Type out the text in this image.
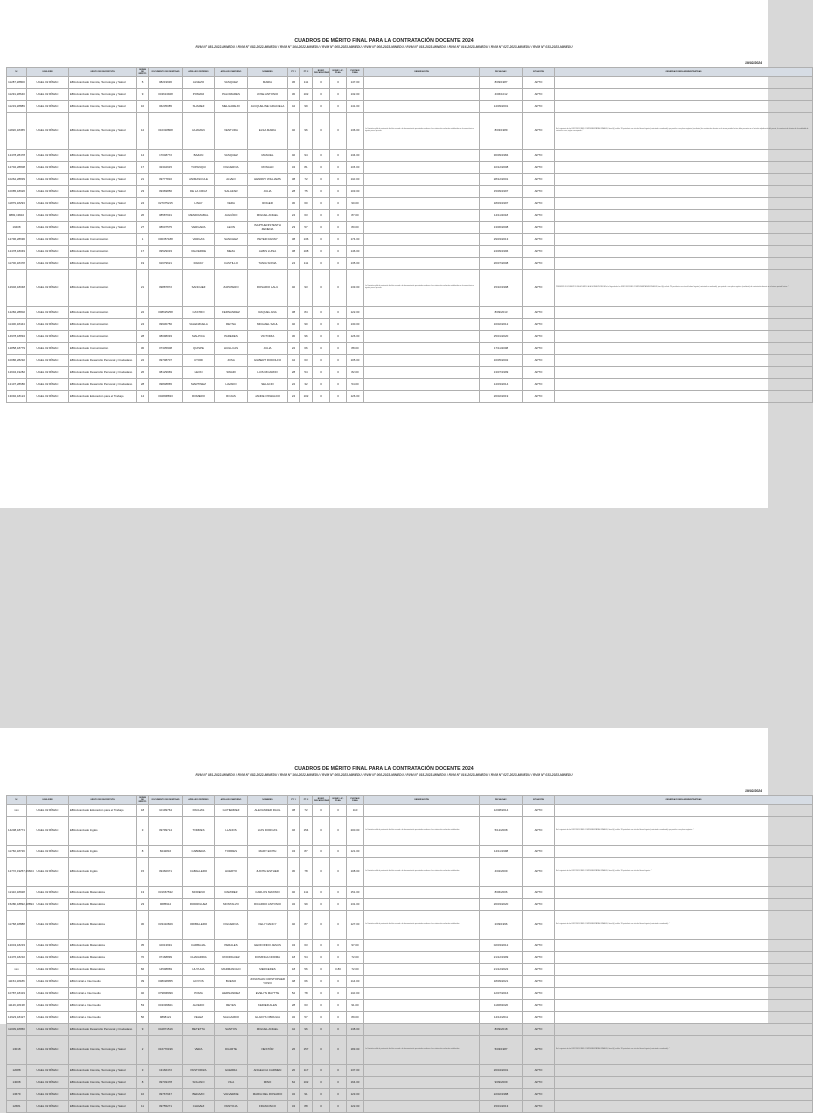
CUADROS DE MÉRITO FINAL PARA LA CONTRATACIÓN DOCENTE 2024
RVM N° 081-2022-MINEDU / RVM N° 082-2022-MINEDU / RVM N° 164-2022-MINEDU / RVM N° 005-2023-MINEDU / RVM N° 008-2023-MINEDU / RVM N° 015-2023-MINEDU / RVM N° 016-2023-MINEDU / RVM N° 027-2023-MINEDU / RVM N° 033-2023-MINEDU
19/02/2024
N°	UGEL/DRE	GRUPO DE INSCRIPCIÓN	ORDEN DE MÉRITO	DOCUMENTO DE IDENTIDAD	APELLIDO PATERNO	APELLIDO MATERNO	NOMBRES	PT. 1	PT. 2	BONIF. DISCAPACIDAD	BONIF. LIC. FF.AA.	PUNTAJE FINAL	OBSERVACIÓN	FECHA NAC.	SITUACIÓN	OBSERVACIONES ADMINISTRATIVAS
11287,28800	UGEL 02 RÍMAC	EBA Avanzado Ciencia, Tecnología y Salud	5	08219936	ALVEZO	VASQUEZ	MARIA	36	111	0	0	147.00		8/09/1987	APTO	
11291,28640	UGEL 02 RÍMAC	EBA Avanzado Ciencia, Tecnología y Salud	9	043613928	POMANI	PALOMARES	JOSE ANTONIO	30	102	0	0	132.00		4/06/1012	APTO	
11219,28889	UGEL 02 RÍMAC	EBA Avanzado Ciencia, Tecnología y Salud	10	06235085	SUAREZ	MELGAREJO	JACQUELINE GRACIELA	42	99	0	0	141.00		14/09/2001	APTO	
11820,18455	UGEL 02 RÍMAC	EBA Avanzado Ciencia, Tecnología y Salud	12	010318808	HUAMAN	VENTURA	ELSA MARIA	40	96	0	0	136.00	La Comisión valida la puntuación final de acuerdo a la documentación presentada conforme a los criterios de evaluación establecidos en la norma técnica vigente para el proceso.	8/03/1989	APTO	En la siguiente de las DISPOSICIONES COMPLEMENTARIAS FINALES, literal (b) señala: "El postulante con vínculo laboral vigente (contratado o nombrado), que postule a una plaza orgánica (resultante) de contratación docente en el mismo periodo lectivo, debe presentar en el acto de adjudicación del puesto, la constancia de término de la modalidad de contrato o cese, según corresponda..."
12478,28478	UGEL 02 RÍMAC	EBA Avanzado Ciencia, Tecnología y Salud	14	17048772	BAZAN	VASQUEZ	MANUEL	40	94	0	0	134.00		30/09/1984	APTO	
12702,28808	UGEL 02 RÍMAC	EBA Avanzado Ciencia, Tecnología y Salud	17	32342915	TUPANQUI	FIGUEROA	RONALD	34	81	0	0	115.00		10/12/2008	APTO	
10262,28839	UGEL 02 RÍMAC	EBA Avanzado Ciencia, Tecnología y Salud	21	09777816	ANIMASCULE	ALVEO	HENRRY WILLIAMS	38	72	0	0	110.00		28/12/2001	APTO	
10085,18926	UGEL 02 RÍMAC	EBA Avanzado Ciencia, Tecnología y Salud	23	09369856	DE LA CRUZ	SALAZAR	JULIA	28	75	0	0	103.00		15/09/1997	APTO	
11879,18293	UGEL 02 RÍMAC	EBA Avanzado Ciencia, Tecnología y Salud	24	027075215	LINAY	VERA	ROGER	30	60	0	0	90.00		18/03/1997	APTO	
9882,19910	UGEL 02 RÍMAC	EBA Avanzado Ciencia, Tecnología y Salud	26	08587931	MENDOZABAL	JAGUÍDO	MIGUEL ANGEL	24	63	0	0	87.00		14/11/2018	APTO	
19408	UGEL 02 RÍMAC	EBA Avanzado Ciencia, Tecnología y Salud	27	08607575	VERGARA	LEON	ISAPTHENISTENTH ZENENA	23	57	0	0	80.00		13/06/2008	APTO	
12796,28696	UGEL 02 RÍMAC	EBA Avanzado Comunicación	1	000357188	VARGAS	SANCHEZ	PETER DANNY	38	136	0	0	174.00		29/03/2013	APTO	
12478,18049	UGEL 02 RÍMAC	EBA Avanzado Comunicación	17	09529033	VALVERDE	MEZA	ALBIS LUISA	38	108	0	0	146.00		24/09/1996	APTO	
11700,18478	UGEL 02 RÍMAC	EBA Avanzado Comunicación	19	91679621	RADAY	CASTILLO	TANIA SONIA	24	111	0	0	135.00		26/07/2008	APTO	
12946,18048	UGEL 02 RÍMAC	EBA Avanzado Comunicación	21	09887872	SANCHEZ	ZAPATERO	ROSARIO LALU	40	93	0	0	133.00	La Comisión valida la puntuación final de acuerdo a la documentación presentada conforme a los criterios de evaluación establecidos en la norma técnica vigente para el proceso.	15/10/1998	APTO	PRESENTE DOCUMENTOS DE ACUERDO A LA NORMA TECNICA De la Segunda de las DISPOSICIONES COMPLEMENTARIAS FINALES, literal (b) señala: "El postulante con vínculo laboral vigente (contratado o nombrado), que postule a una plaza orgánica (resultante) de contratación docente en el mismo periodo lectivo..."
12282,28802	UGEL 02 RÍMAC	EBA Avanzado Comunicación	22	008625258	CASTRO	FERNANDEZ	RAQUEL ANA	38	84	0	0	122.00		8/09/2013	APTO	
11400,18444	UGEL 02 RÍMAC	EBA Avanzado Comunicación	24	09930756	VALENZUELA	REYNA	MICHAEL SAUL	40	90	0	0	130.00		16/02/2012	APTO	
14978,18894	UGEL 02 RÍMAC	EBA Avanzado Comunicación	28	08098093	MALPICA	PAREDES	VICTORIA	30	96	0	0	126.00		25/01/2020	APTO	
12858,18779	UGEL 02 RÍMAC	EBA Avanzado Comunicación	30	07335908	QUISPE	HUILLCAS	JULIA	22	66	0	0	88.00		17/11/2008	APTO	
10086,28292	UGEL 02 RÍMAC	EBA Avanzado Desarrollo Personal y Ciudadano	22	09708707	UTORI	JOSA	GILBERT RODOLFO	42	63	0	0	105.00		16/05/2002	APTO	
12604,19282	UGEL 02 RÍMAC	EBA Avanzado Desarrollo Personal y Ciudadano	26	08129969	LEON	SWARI	LUIS RICARDO	28	54	0	0	82.00		13/07/1999	APTO	
12107,28686	UGEL 02 RÍMAC	EBA Avanzado Desarrollo Personal y Ciudadano	28	09848865	MARTINEZ	LAVADO	SELACIO	22	32	0	0	54.00		14/03/2014	APTO	
13092,18124	UGEL 02 RÍMAC	EBA Avanzado Educación para el Trabajo	14	002808833	ROMERO	ROJAS	JANDE OSWALDO	24	102	0	0	126.00		26/02/2019	APTO	
CUADROS DE MÉRITO FINAL PARA LA CONTRATACIÓN DOCENTE 2024
RVM N° 081-2022-MINEDU / RVM N° 082-2022-MINEDU / RVM N° 164-2022-MINEDU / RVM N° 005-2023-MINEDU / RVM N° 008-2023-MINEDU / RVM N° 015-2023-MINEDU / RVM N° 016-2023-MINEDU / RVM N° 027-2023-MINEDU / RVM N° 033-2023-MINEDU
19/02/2024
N°	UGEL/DRE	GRUPO DE INSCRIPCIÓN	ORDEN DE MÉRITO	DOCUMENTO DE IDENTIDAD	APELLIDO PATERNO	APELLIDO MATERNO	NOMBRES	PT. 1	PT. 2	BONIF. DISCAPACIDAD	BONIF. LIC. FF.AA.	PUNTAJE FINAL	OBSERVACIÓN	FECHA NAC.	SITUACIÓN	OBSERVACIONES ADMINISTRATIVAS
xxx	UGEL 02 RÍMAC	EBA Avanzado Educación para el Trabajo	18	10199764	PACHAS	GUTIERREZ	ALEXANDER RAUL	38	72	0	0	110		12/08/2014	APTO	
14208,18771	UGEL 02 RÍMAC	EBA Avanzado Inglés	3	09799714	TORRES	LLANOS	LUIS DORCAS	46	154	0	0	200.00	La Comisión valida la puntuación final de acuerdo a la documentación presentada conforme a los criterios de evaluación establecidos.	5/12/2008	APTO	En la siguiente de las DISPOSICIONES COMPLEMENTARIAS FINALES, literal (b) señala: "El postulante con vínculo laboral vigente (contratado o nombrado), que postule a una plaza orgánica..."
11760,18726	UGEL 02 RÍMAC	EBA Avanzado Inglés	8	8242816	CABRERA	TORRES	MARY EDITH	34	87	0	0	121.00		14/11/1998	APTO	
12772,19257,29604	UGEL 02 RÍMAC	EBA Avanzado Inglés	15	09460971	CABALLERO	HUERTO	JUDITH ESTHER	30	78	0	0	108.00	La Comisión valida la puntuación final de acuerdo a la documentación presentada conforme a los criterios de evaluación establecidos.	4/02/2009	APTO	En la siguiente de las DISPOSICIONES COMPLEMENTARIAS FINALES, literal (b) señala: "El postulante con vínculo laboral vigente..."
12110,18928	UGEL 02 RÍMAC	EBA Avanzado Matemática	13	031667532	MORENO	RAMIREZ	CARLOS MAXIMO	40	111	0	0	151.00		8/06/2006	APTO	
15280,18892,18894	UGEL 02 RÍMAC	EBA Avanzado Matemática	23	9685912	RODRIGUEZ	MONTALVO	RICARDO ANTONIO	32	99	0	0	131.00		26/03/2020	APTO	
11768,18888	UGEL 02 RÍMAC	EBA Avanzado Matemática	30	033410829	ORIBILLERO	FIGUEROA	KELY NANCY	40	87	0	0	127.00	La Comisión valida la puntuación final de acuerdo a la documentación presentada conforme a los criterios de evaluación establecidos.	2/09/1996	APTO	En la siguiente de las DISPOSICIONES COMPLEMENTARIAS FINALES, literal (b) señala: "El postulante con vínculo laboral vigente (contratado o nombrado)..."
12043,18233	UGEL 02 RÍMAC	EBA Avanzado Matemática	35	10013991	CARBAJAL	PERALES	GEOFONDO JESUS	34	63	0	0	97.00		02/03/2012	APTO	
12476,18232	UGEL 02 RÍMAC	EBA Avanzado Matemática	70	07168899	CHAVARRIA	RODRIGUEZ	DOMINGA NORMA	18	54	0	0	72.00		21/12/1999	APTO	
xxx	UGEL 02 RÍMAC	EBA Avanzado Matemática	66	14508869	HUYHUA	MARMANCHO	MERCEDES	18	56	0	0.80	72.00		21/12/2022	APTO	
11154,18186	UGEL 02 RÍMAC	EBA Inicial e Intermedio	39	008028955	HOYOS	BUENO	JONATHAN CRISTOPHER YOSVI	48	66	0	0	114.00		18/09/2021	APTO	
10787,18419	UGEL 02 RÍMAC	EBA Inicial e Intermedio	40	079808099	POMA	HERNANDEZ	EVELYN MAYTTE	52	78	0	0	110.00		12/07/2016	APTO	
11126,18138	UGEL 02 RÍMAC	EBA Inicial e Intermedio	53	043339821	ALVEDO	REYES	KEDIER ALEN	28	63	0	0	91.00		11/08/2020	APTO	
12923,18427	UGEL 02 RÍMAC	EBA Inicial e Intermedio	56	9868121	VELEZ	SALGARDO	GLADYS OBDULIA	32	57	0	0	89.00		14/12/2011	APTO	
11009,18950	UGEL 02 RÍMAC	EBA Avanzado Desarrollo Personal y Ciudadano	9	042871516	BETETTA	SANTOS	MIGUEL ANGEL	42	96	0	0	138.00		8/09/2018	APTO	
13018	UGEL 02 RÍMAC	EBA Avanzado Ciencia, Tecnología y Salud	2	016770196	VERA	DUARTE	NESTÓR	26	157	0	0	183.00	La Comisión valida la puntuación final de acuerdo a la documentación presentada conforme a los criterios de evaluación establecidos.	5/03/1987	APTO	En la siguiente de las DISPOSICIONES COMPLEMENTARIAS FINALES, literal (b) señala: "El postulante con vínculo laboral vigente (contratado o nombrado)..."
12088	UGEL 02 RÍMAC	EBA Avanzado Ciencia, Tecnología y Salud	3	13166472	PASTORIZA	GUERRA	ANGELICA CARMEN	20	117	0	0	137.00		26/04/2001	APTO	
14008	UGEL 02 RÍMAC	EBA Avanzado Ciencia, Tecnología y Salud	8	09749478	SOLANO	VILA	MINO	62	102	0	0	164.00		9/09/2009	APTO	
13679	UGEL 02 RÍMAC	EBA Avanzado Ciencia, Tecnología y Salud	10	09767947	BEDAZO	VALVERDE	MARIA DEL ROSARIO	32	91	0	0	123.00		22/02/1988	APTO	
12681	UGEL 02 RÍMAC	EBA Avanzado Ciencia, Tecnología y Salud	11	09755271	CHAVEZ	PANTOJA	FRANCISCO	34	88	0	0	122.00		15/01/2013	APTO	
